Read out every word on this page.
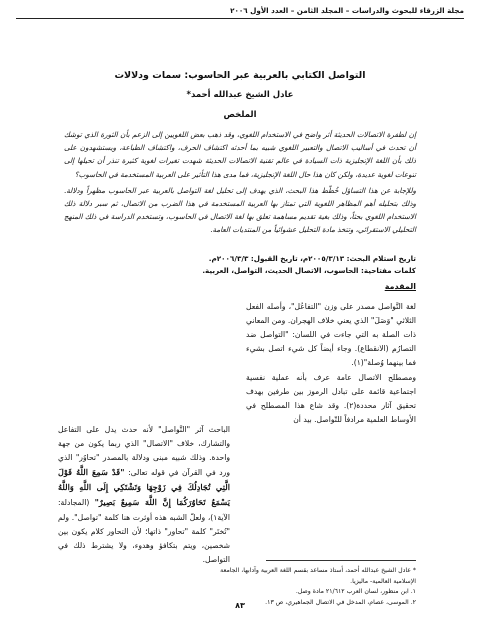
مجلة الزرقاء للبحوث والدراسات – المجلد الثامن – العدد الأول ٢٠٠٦
التواصل الكتابي بالعربية عبر الحاسوب: سمات ودلالات
عادل الشيخ عبدالله أحمد*
الملخص

إن لطفرة الاتصالات الحديثة أثر واضح في الاستخدام اللغوي، وقد ذهب بعض اللغويين إلى الزعم بأن الثورة الذي توشك أن تحدث في أساليب الاتصال والتعبير اللغوي شبيه بما أحدثه اكتشاف الحرف، واكتشاف الطباعة، ويستشهدون على ذلك بأن اللغة الإنجليزية ذات السيادة في عالم تقنية الاتصالات الحديثة شهدت تغيرات لغوية كثيرة تنذر أن تحيلها إلى تنوعات لغوية عديدة، ولكن كان هذا حال اللغة الإنجليزية، فما مدى هذا التأثير على العربية المستخدمة في الحاسوب؟

وللإجابة عن هذا التساؤل خُطّط هذا البحث، الذي يهدف إلى تحليل لغة التواصل بالعربية عبر الحاسوب مظهراً ودلالة. وذلك بتحليله أهم المظاهر اللغوية التي تمتاز بها العربية المستخدمة في هذا الضرب من الاتصال، ثم سبر دلالة ذلك الاستخدام اللغوي بحثاً، وذلك بغية تقديم مساهمة تعلق بها لغة الاتصال في الحاسوب، وتستخدم الدراسة في ذلك المنهج التحليلي الاستقرائي، وتتخذ مادة التحليل عشوائياً من المنتديات العامة.

تاريخ استلام البحث: ٢٠٠٥/٣/١٣م، تاريخ القبول: ٢٠٠٦/٣/٣م.
كلمات مفتاحية: الحاسوب، الاتصال الحديث، التواصل، العربية.
المقدمة

لغة التَّواصل مصدر على وزن "التفاعُل"، وأصله الفعل الثلاثي "وَصَلَ" الذي يعني خلاف الهجران. ومن المعاني ذات الصلة به التي جاءت في اللسان: "التواصل ضد التصارُم (الانقطاع). وجاء أيضاً كل شيء اتصل بشيء فما بينهما وُصلة"(١).

ومصطلح الاتصال عامة عرف بأنه عملية نفسية اجتماعية قائمة على تبادل الرموز بين طرفين بهدف تحقيق آثار محددة(٢). وقد شاع هذا المصطلح في الأوساط العلمية مرادفاً للتّواصل. بيد أن

الباحث آثر "التَّواصل" لأنه حدث يدل على التفاعل والتشارك، خلاف "الاتصال" الذي ربما يكون من جهة واحدة. وذلك شبيه مبنى ودلالة بالمصدر "تحاوُر" الذي ورد في القرآن في قوله تعالى: "قَدْ سَمِعَ اللَّهُ قَوْلَ الَّتِي تُجَادِلُكَ فِي زَوْجِهَا وَتَشْتَكِي إِلَى اللَّهِ وَاللَّهُ يَسْمَعُ تَحَاوُرَكُمَا إِنَّ اللَّهَ سَمِيعٌ بَصِيرٌ" (المجادلة: الآية١)، ولعلّ الشبه هذه أوثرت هنا كلمة "تواصل". ولم "تُختَر" كلمة "تحاور" ذاتها؛ لأن التحاور كلام يكون بين شخصين، ويتم بتكافؤ وهدوء، ولا يشترط ذلك في التواصل.

* عادل الشيخ عبدالله أحمد، أستاذ مساعد بقسم اللغة العربية وآدابها، الجامعة الإسلامية العالمية- ماليزيا.
١. ابن منظور، لسان العرب ٢١/٦١٢ مادة وصل.
٢. الموسى، عصام، المدخل في الاتصال الجماهيري، ص ١٣.
٨٣
